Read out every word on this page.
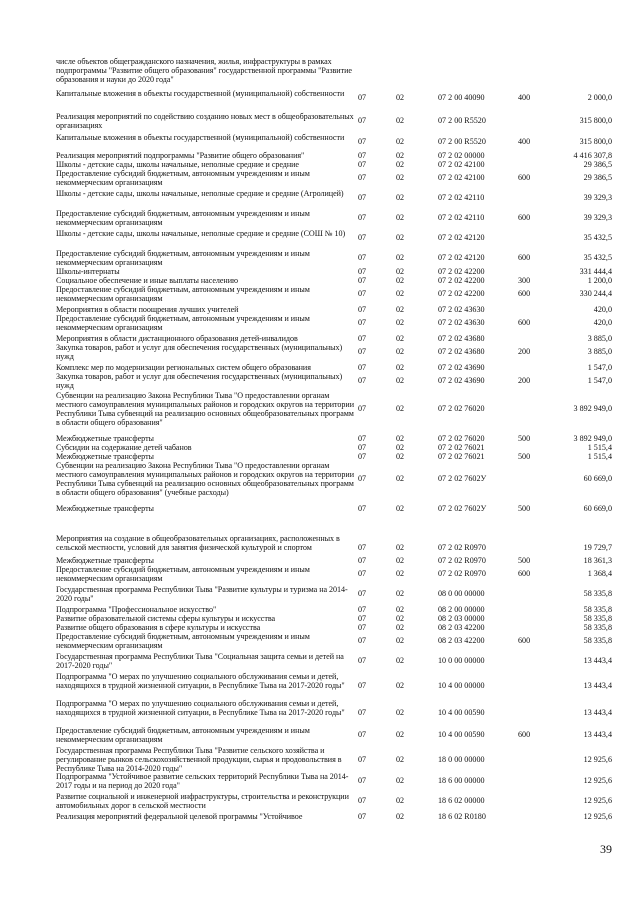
числе объектов общегражданского назначения, жилья, инфраструктуры в рамках подпрограммы "Развитие общего образования" государственной программы "Развитие образования и науки до 2020 года"
Капитальные вложения в объекты государственной (муниципальной) собственности	07	02	07 2 00 40090	400	2 000,0
Реализация мероприятий по содействию созданию новых мест в общеобразовательных организациях
07	02	07 2 00 R5520	315 800,0
Капитальные вложения в объекты государственной (муниципальной) собственности	07	02	07 2 00 R5520	400	315 800,0
Реализация мероприятий подпрограммы "Развитие общего образования"	07	02	07 2 02 00000	4 416 307,8
Школы - детские сады, школы начальные, неполные средние и средние	07	02	07 2 02 42100	29 386,5
Предоставление субсидий бюджетным, автономным учреждениям и иным некоммерческим организациям
07	02	07 2 02 42100	600	29 386,5
Школы - детские сады, школы начальные, неполные средние и средние (Агролицей)	07	02	07 2 02 42110	39 329,3
Предоставление субсидий бюджетным, автономным учреждениям и иным некоммерческим организациям
07	02	07 2 02 42110	600	39 329,3
Школы - детские сады, школы начальные, неполные средние и средние (СОШ № 10)	07	02	07 2 02 42120	35 432,5
Предоставление субсидий бюджетным, автономным учреждениям и иным некоммерческим организациям
07	02	07 2 02 42120	600	35 432,5
Школы-интернаты	07	02	07 2 02 42200	331 444,4
Социальное обеспечение и иные выплаты населению	07	02	07 2 02 42200	300	1 200,0
Предоставление субсидий бюджетным, автономным учреждениям и иным некоммерческим организациям
07	02	07 2 02 42200	600	330 244,4
Мероприятия в области поощрения лучших учителей	07	02	07 2 02 43630	420,0
Предоставление субсидий бюджетным, автономным учреждениям и иным некоммерческим организациям
07	02	07 2 02 43630	600	420,0
Мероприятия в области дистанционного образования детей-инвалидов	07	02	07 2 02 43680	3 885,0
Закупка товаров, работ и услуг для обеспечения государственных (муниципальных) нужд
07	02	07 2 02 43680	200	3 885,0
Комплекс мер по модернизации региональных систем общего образования	07	02	07 2 02 43690	1 547,0
Закупка товаров, работ и услуг для обеспечения государственных (муниципальных) нужд
07	02	07 2 02 43690	200	1 547,0
Субвенции на реализацию Закона Республики Тыва "О предоставлении органам местного самоуправления муниципальных районов и городских округов на территории Республики Тыва субвенций на реализацию основных общеобразовательных программ в области общего образования"
07	02	07 2 02 76020	3 892 949,0
Межбюджетные трансферты	07	02	07 2 02 76020	500	3 892 949,0
Субсидии на содержание детей чабанов	07	02	07 2 02 76021	1 515,4
Межбюджетные трансферты	07	02	07 2 02 76021	500	1 515,4
Субвенции на реализацию Закона Республики Тыва "О предоставлении органам местного самоуправления муниципальных районов и городских округов на территории Республики Тыва субвенций на реализацию основных общеобразовательных программ в области общего образования" (учебные расходы)
07	02	07 2 02 7602У	60 669,0
Межбюджетные трансферты	07	02	07 2 02 7602У	500	60 669,0
Мероприятия на создание в общеобразовательных организациях, расположенных в сельской местности, условий для занятия физической культурой и спортом	07	02	07 2 02 R0970	19 729,7
Межбюджетные трансферты	07	02	07 2 02 R0970	500	18 361,3
Предоставление субсидий бюджетным, автономным учреждениям и иным некоммерческим организациям
07	02	07 2 02 R0970	600	1 368,4
Государственная программа Республики Тыва "Развитие культуры и туризма на 2014-2020 годы"
07	02	08 0 00 00000	58 335,8
Подпрограмма "Профессиональное искусство"	07	02	08 2 00 00000	58 335,8
Развитие образовательной системы сферы культуры и искусства	07	02	08 2 03 00000	58 335,8
Развитие общего образования в сфере культуры и искусства	07	02	08 2 03 42200	58 335,8
Предоставление субсидий бюджетным, автономным учреждениям и иным некоммерческим организациям
07	02	08 2 03 42200	600	58 335,8
Государственная программа Республики Тыва "Социальная защита семьи и детей на 2017-2020 годы"
07	02	10 0 00 00000	13 443,4
Подпрограмма "О мерах по улучшению социального обслуживания семьи и детей, находящихся в трудной жизненной ситуации, в Республике Тыва на 2017-2020 годы"	07	02	10 4 00 00000	13 443,4
Подпрограмма "О мерах по улучшению социального обслуживания семьи и детей, находящихся в трудной жизненной ситуации, в Республике Тыва на 2017-2020 годы"	07	02	10 4 00 00590	13 443,4
Предоставление субсидий бюджетным, автономным учреждениям и иным некоммерческим организациям
07	02	10 4 00 00590	600	13 443,4
Государственная программа Республики Тыва "Развитие сельского хозяйства и регулирование рынков сельскохозяйственной продукции, сырья и продовольствия в Республике Тыва на 2014-2020 годы"
07	02	18 0 00 00000	12 925,6
Подпрограмма "Устойчивое развитие сельских территорий Республики Тыва на 2014-2017 годы и на период до 2020 года"
07	02	18 6 00 00000	12 925,6
Развитие социальной и инженерной инфраструктуры, строительства и реконструкции автомобильных дорог в сельской местности
07	02	18 6 02 00000	12 925,6
Реализация мероприятий федеральной целевой программы "Устойчивое	07	02	18 6 02 R0180	12 925,6
39
